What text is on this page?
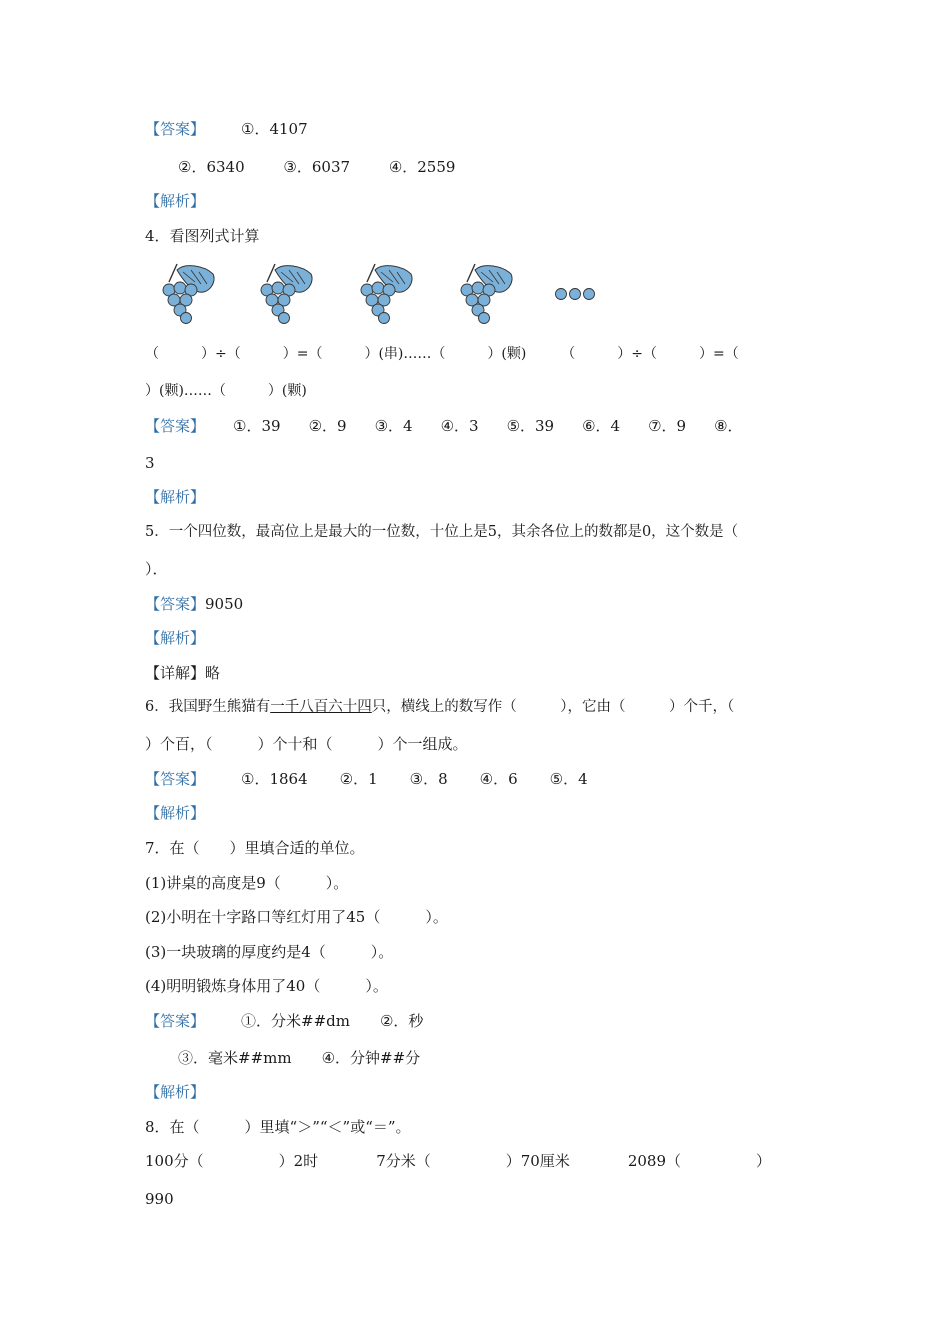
【答案】 ①．4107
②．6340	③．6037	④．2559
【解析】
4．看图列式计算
（　　　）÷（　　　）=（　　　）(串)……（　　　）(颗)　　　（　　　）÷（　　　）=（
）(颗)……（　　　）(颗)
【答案】 ①．39 ②．9 ③．4 ④．3 ⑤．39 ⑥．4 ⑦．9 ⑧．
3
【解析】
5．一个四位数，最高位上是最大的一位数，十位上是5，其余各位上的数都是0，这个数是（
）．
【答案】9050
【解析】
【详解】略
6．我国野生熊猫有一千八百六十四只，横线上的数写作（　　　），它由（　　　）个千，（
）个百，（　　　）个十和（　　　）个一组成。
【答案】 ①．1864 ②．1 ③．8 ④．6 ⑤．4
【解析】
7．在（　　）里填合适的单位。
(1)讲桌的高度是9（　　　）。
(2)小明在十字路口等红灯用了45（　　　）。
(3)一块玻璃的厚度约是4（　　　）。
(4)明明锻炼身体用了40（　　　）。
【答案】 ①．分米##dm ②．秒
③．毫米##mm ④．分钟##分
【解析】
8．在（　　　）里填“＞”“＜”或“＝”。
100分（　　　　　）2时	7分米（　　　　　）70厘米	2089（　　　　　）
990
